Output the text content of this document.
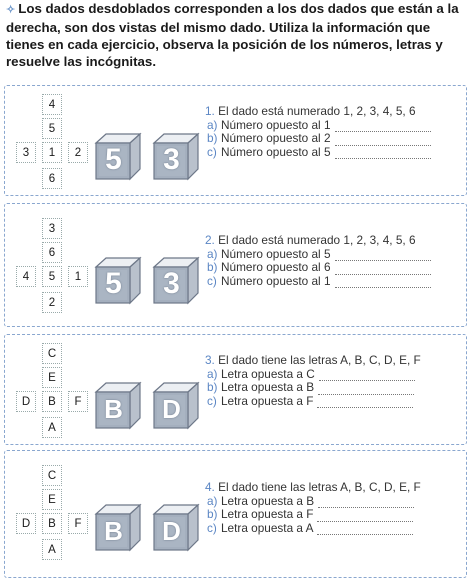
✧ Los dados desdoblados corresponden a los dos dados que están a la derecha, son dos vistas del mismo dado. Utiliza la información que tienes en cada ejercicio, observa la posición de los números, letras y resuelve las incógnitas.
4
5
3	1	2
6
5 3
1. El dado está numerado 1, 2, 3, 4, 5, 6
a) Número opuesto al 1
b) Número opuesto al 2
c) Número opuesto al 5
3
6
4	5	1
2
5 3
2. El dado está numerado 1, 2, 3, 4, 5, 6
a) Número opuesto al 5
b) Número opuesto al 6
c) Número opuesto al 1
C
E
D	B	F
A
B D
3. El dado tiene las letras A, B, C, D, E, F
a) Letra opuesta a C
b) Letra opuesta a B
c) Letra opuesta a F
C
E
D	B	F
A
B D
4. El dado tiene las letras A, B, C, D, E, F
a) Letra opuesta a B
b) Letra opuesta a F
c) Letra opuesta a A
